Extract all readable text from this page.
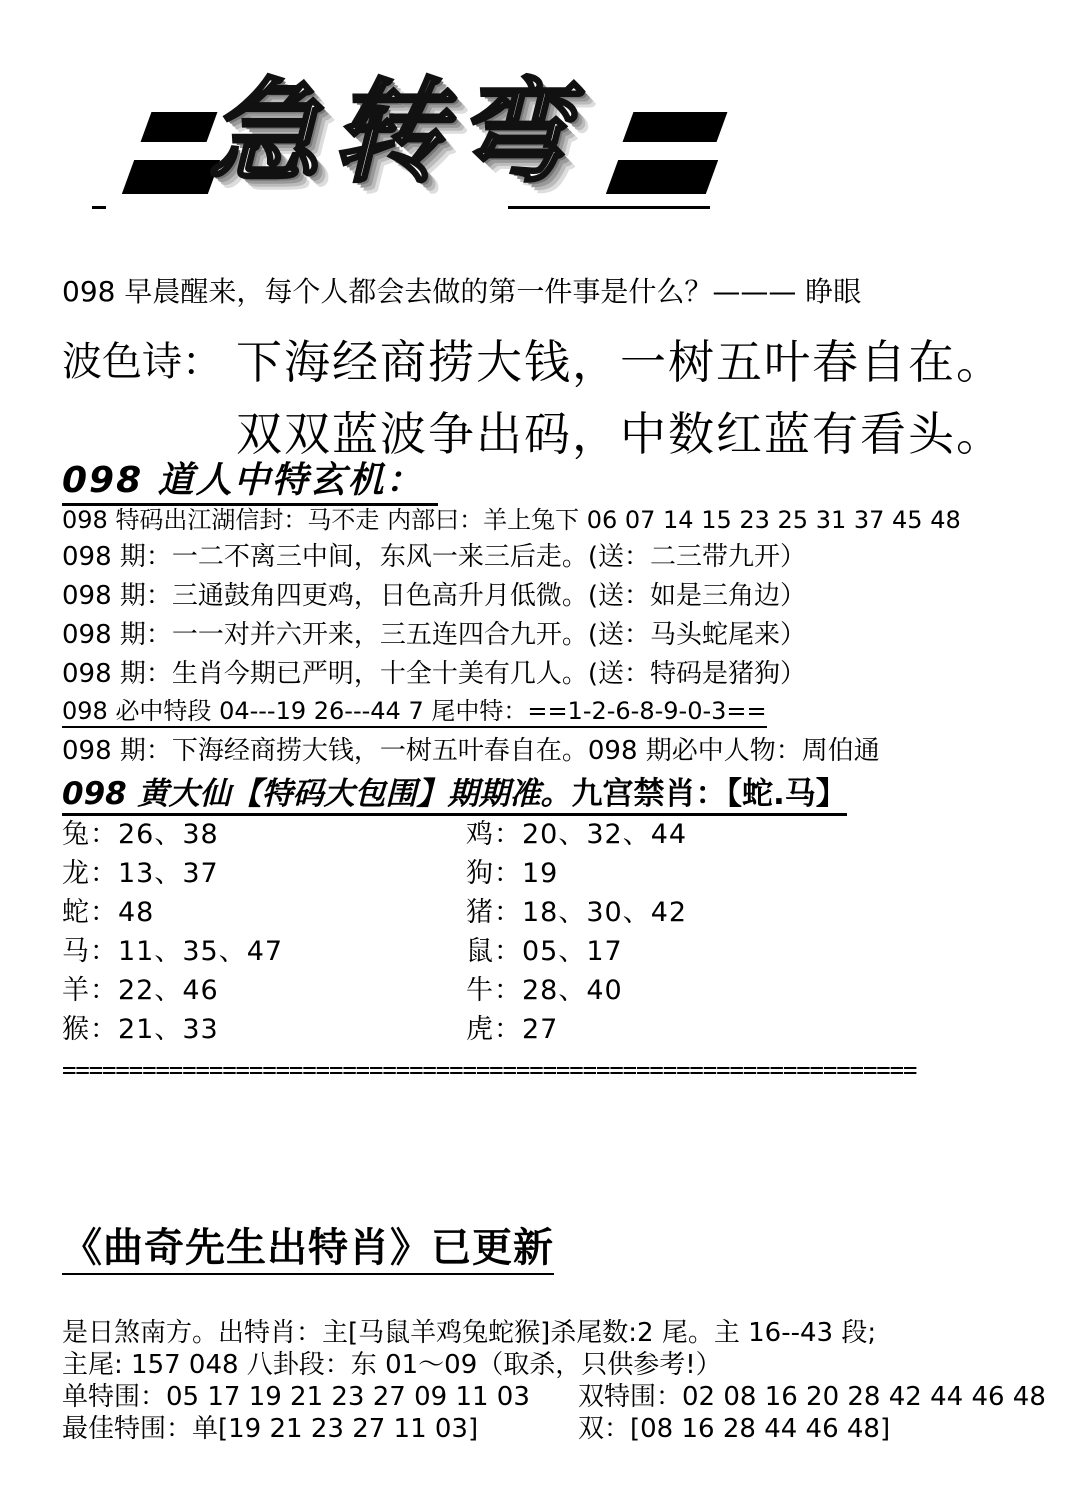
急转弯
098 早晨醒来，每个人都会去做的第一件事是什么？——— 睁眼
波色诗： 下海经商捞大钱，一树五叶春自在。
双双蓝波争出码，中数红蓝有看头。
098 道人中特玄机：
098 特码出江湖信封：马不走 内部曰：羊上兔下 06 07 14 15 23 25 31 37 45 48
098 期：一二不离三中间，东风一来三后走。(送：二三带九开）
098 期：三通鼓角四更鸡，日色高升月低微。(送：如是三角边）
098 期：一一对并六开来，三五连四合九开。(送：马头蛇尾来）
098 期：生肖今期已严明，十全十美有几人。(送：特码是猪狗）
098 必中特段 04---19 26---44 7 尾中特：==1-2-6-8-9-0-3==
098 期：下海经商捞大钱，一树五叶春自在。098 期必中人物：周伯通
098 黄大仙【特码大包围】期期准。九宫禁肖：【蛇.马】
兔：26、38
龙：13、37
蛇：48
马：11、35、47
羊：22、46
猴：21、33
鸡：20、32、44
狗：19
猪：18、30、42
鼠：05、17
牛：28、40
虎：27
================================================================
《曲奇先生出特肖》已更新
是日煞南方。出特肖：主[马鼠羊鸡兔蛇猴]杀尾数:2 尾。主 16--43 段;
主尾: 157 048 八卦段：东 01～09（取杀，只供参考!）
单特围：05 17 19 21 23 27 09 11 03 双特围：02 08 16 20 28 42 44 46 48
最佳特围：单[19 21 23 27 11 03]	双：[08 16 28 44 46 48]
